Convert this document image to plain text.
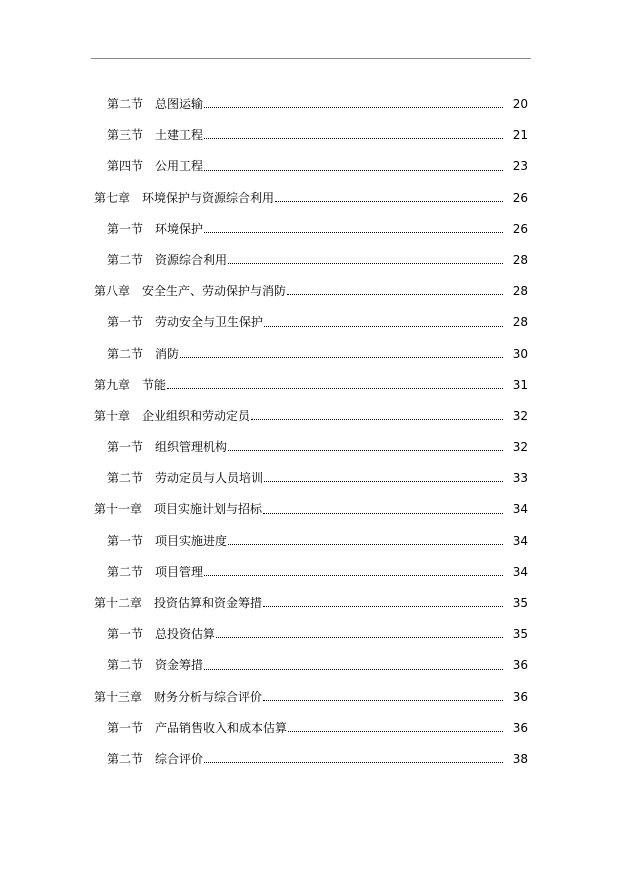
第二节 总图运输	20
第三节 土建工程	21
第四节 公用工程	23
第七章 环境保护与资源综合利用	26
第一节 环境保护	26
第二节 资源综合利用	28
第八章 安全生产、劳动保护与消防	28
第一节 劳动安全与卫生保护	28
第二节 消防	30
第九章 节能	31
第十章 企业组织和劳动定员	32
第一节 组织管理机构	32
第二节 劳动定员与人员培训	33
第十一章 项目实施计划与招标	34
第一节 项目实施进度	34
第二节 项目管理	34
第十二章 投资估算和资金筹措	35
第一节 总投资估算	35
第二节 资金筹措	36
第十三章 财务分析与综合评价	36
第一节 产品销售收入和成本估算	36
第二节 综合评价	38
